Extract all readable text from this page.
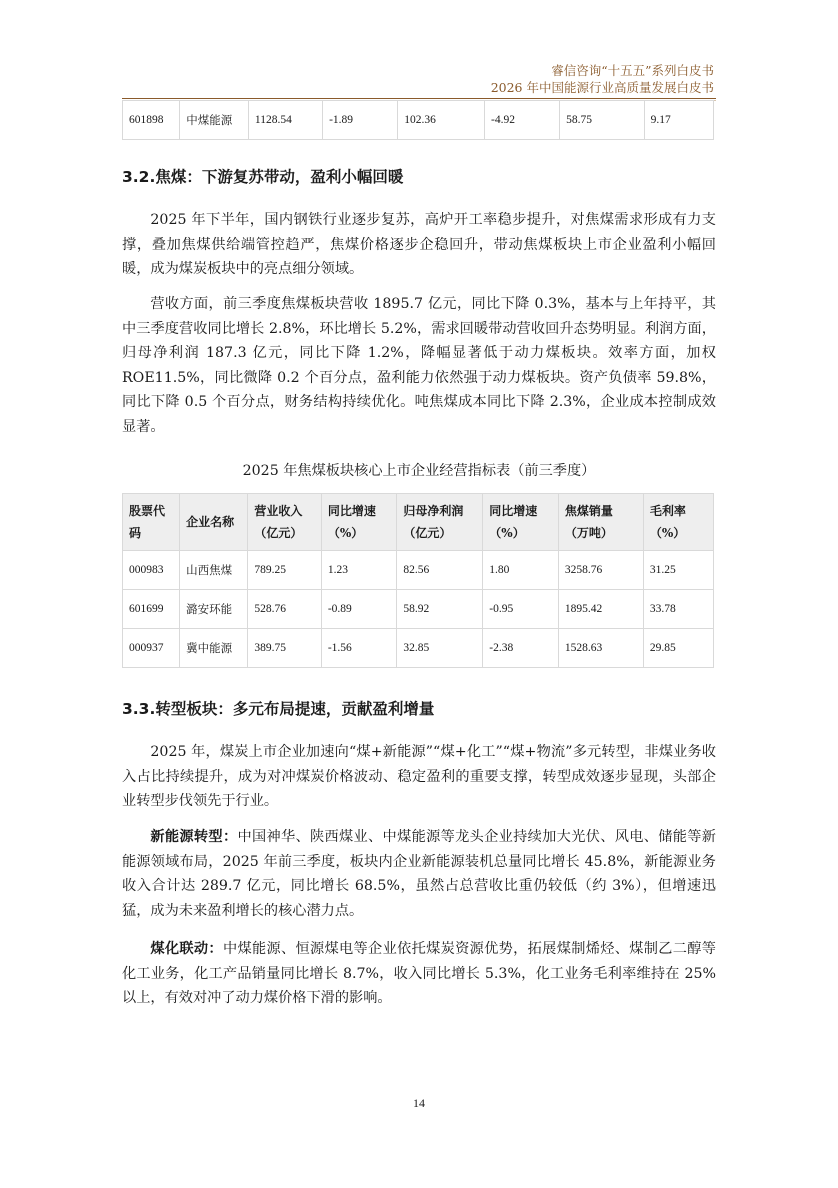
睿信咨询“十五五”系列白皮书
2026 年中国能源行业高质量发展白皮书
601898	中煤能源	1128.54	-1.89	102.36	-4.92	58.75	9.17
3.2.焦煤：下游复苏带动，盈利小幅回暖

2025 年下半年，国内钢铁行业逐步复苏，高炉开工率稳步提升，对焦煤需求形成有力支撑，叠加焦煤供给端管控趋严，焦煤价格逐步企稳回升，带动焦煤板块上市企业盈利小幅回暖，成为煤炭板块中的亮点细分领域。

营收方面，前三季度焦煤板块营收 1895.7 亿元，同比下降 0.3%，基本与上年持平，其中三季度营收同比增长 2.8%，环比增长 5.2%，需求回暖带动营收回升态势明显。利润方面，归母净利润 187.3 亿元，同比下降 1.2%，降幅显著低于动力煤板块。效率方面，加权 ROE11.5%，同比微降 0.2 个百分点，盈利能力依然强于动力煤板块。资产负债率 59.8%，同比下降 0.5 个百分点，财务结构持续优化。吨焦煤成本同比下降 2.3%，企业成本控制成效显著。

2025 年焦煤板块核心上市企业经营指标表（前三季度）
股票代码	企业名称	营业收入（亿元）	同比增速（%）	归母净利润（亿元）	同比增速（%）	焦煤销量（万吨）	毛利率（%）
000983	山西焦煤	789.25	1.23	82.56	1.80	3258.76	31.25
601699	潞安环能	528.76	-0.89	58.92	-0.95	1895.42	33.78
000937	冀中能源	389.75	-1.56	32.85	-2.38	1528.63	29.85
3.3.转型板块：多元布局提速，贡献盈利增量

2025 年，煤炭上市企业加速向“煤+新能源”“煤+化工”“煤+物流”多元转型，非煤业务收入占比持续提升，成为对冲煤炭价格波动、稳定盈利的重要支撑，转型成效逐步显现，头部企业转型步伐领先于行业。

新能源转型：中国神华、陕西煤业、中煤能源等龙头企业持续加大光伏、风电、储能等新能源领域布局，2025 年前三季度，板块内企业新能源装机总量同比增长 45.8%，新能源业务收入合计达 289.7 亿元，同比增长 68.5%，虽然占总营收比重仍较低（约 3%），但增速迅猛，成为未来盈利增长的核心潜力点。

煤化联动：中煤能源、恒源煤电等企业依托煤炭资源优势，拓展煤制烯烃、煤制乙二醇等化工业务，化工产品销量同比增长 8.7%，收入同比增长 5.3%，化工业务毛利率维持在 25%以上，有效对冲了动力煤价格下滑的影响。

14
